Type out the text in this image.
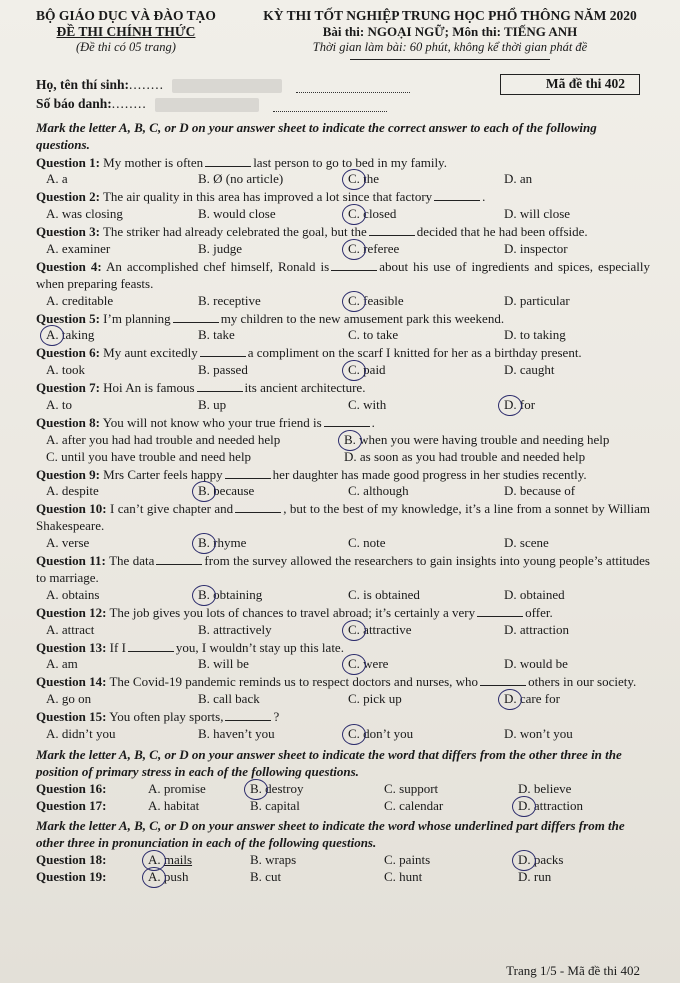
BỘ GIÁO DỤC VÀ ĐÀO TẠO
ĐỀ THI CHÍNH THỨC
(Đề thi có 05 trang)
KỲ THI TỐT NGHIỆP TRUNG HỌC PHỔ THÔNG NĂM 2020
Bài thi: NGOẠI NGỮ; Môn thi: TIẾNG ANH
Thời gian làm bài: 60 phút, không kể thời gian phát đề
Họ, tên thí sinh: ........
Số báo danh: ........
Mã đề thi 402
Mark the letter A, B, C, or D on your answer sheet to indicate the correct answer to each of the following questions.
Question 1: My mother is often	last person to go to bed in my family.
A. a	B. Ø (no article)	C. the	D. an
Question 2: The air quality in this area has improved a lot since that factory	.
A. was closing	B. would close	C. closed	D. will close
Question 3: The striker had already celebrated the goal, but the	decided that he had been offside.
A. examiner	B. judge	C. referee	D. inspector
Question 4: An accomplished chef himself, Ronald is	about his use of ingredients and spices, especially when preparing feasts.
A. creditable	B. receptive	C. feasible	D. particular
Question 5: I’m planning	my children to the new amusement park this weekend.
A. taking	B. take	C. to take	D. to taking
Question 6: My aunt excitedly	a compliment on the scarf I knitted for her as a birthday present.
A. took	B. passed	C. paid	D. caught
Question 7: Hoi An is famous	its ancient architecture.
A. to	B. up	C. with	D. for
Question 8: You will not know who your true friend is	.
A. after you had had trouble and needed help	B. when you were having trouble and needing help
C. until you have trouble and need help	D. as soon as you had trouble and needed help
Question 9: Mrs Carter feels happy	her daughter has made good progress in her studies recently.
A. despite	B. because	C. although	D. because of
Question 10: I can’t give chapter and	, but to the best of my knowledge, it’s a line from a sonnet by William Shakespeare.
A. verse	B. rhyme	C. note	D. scene
Question 11: The data	from the survey allowed the researchers to gain insights into young people’s attitudes to marriage.
A. obtains	B. obtaining	C. is obtained	D. obtained
Question 12: The job gives you lots of chances to travel abroad; it’s certainly a very	offer.
A. attract	B. attractively	C. attractive	D. attraction
Question 13: If I	you, I wouldn’t stay up this late.
A. am	B. will be	C. were	D. would be
Question 14: The Covid-19 pandemic reminds us to respect doctors and nurses, who	others in our society.
A. go on	B. call back	C. pick up	D. care for
Question 15: You often play sports,	?
A. didn’t you	B. haven’t you	C. don’t you	D. won’t you
Mark the letter A, B, C, or D on your answer sheet to indicate the word that differs from the other three in the position of primary stress in each of the following questions.
Question 16:	A. promise	B. destroy	C. support	D. believe
Question 17:	A. habitat	B. capital	C. calendar	D. attraction
Mark the letter A, B, C, or D on your answer sheet to indicate the word whose underlined part differs from the other three in pronunciation in each of the following questions.
Question 18:	A. mails	B. wraps	C. paints	D. packs
Question 19:	A. push	B. cut	C. hunt	D. run
Trang 1/5 - Mã đề thi 402
